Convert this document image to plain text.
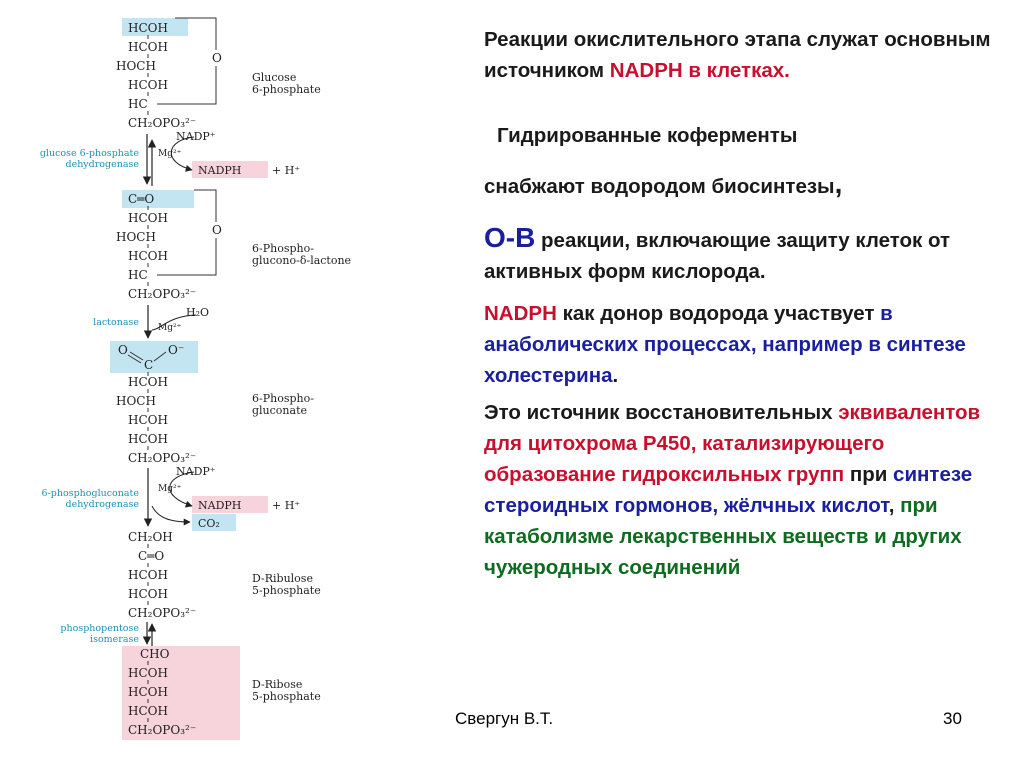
HCOH
HCOH
HOCH
HCOH
HC
CH₂OPO₃²⁻
O
Glucose
6-phosphate
glucose 6-phosphate
dehydrogenase
NADP⁺
Mg²⁺
NADPH	+ H⁺
C═O
HCOH
HOCH
HCOH
HC
CH₂OPO₃²⁻
O
6-Phospho-
glucono-δ-lactone
lactonase
H₂O
Mg²⁺
O	O⁻
C
HCOH
HOCH
HCOH
HCOH
CH₂OPO₃²⁻
6-Phospho-
gluconate
6-phosphogluconate
dehydrogenase
NADP⁺
Mg²⁺
NADPH	+ H⁺
CO₂
CH₂OH
C═O
HCOH
HCOH
CH₂OPO₃²⁻
D-Ribulose
5-phosphate
phosphopentose
isomerase
CHO
HCOH
HCOH
HCOH
CH₂OPO₃²⁻
D-Ribose
5-phosphate
Реакции окислительного этапа служат основным источником NADPH в клетках.
Гидрированные коферменты
снабжают водородом биосинтезы,
О-В реакции, включающие защиту клеток от активных форм кислорода.
NADPH как донор водорода участвует в анаболических процессах, например в синтезе холестерина.
Это источник восстановительных эквивалентов для цитохрома Р450, катализирующего образование гидроксильных групп при синтезе стероидных гормонов, жёлчных кислот, при катаболизме лекарственных веществ и других чужеродных соединений
Свергун В.Т.	30
